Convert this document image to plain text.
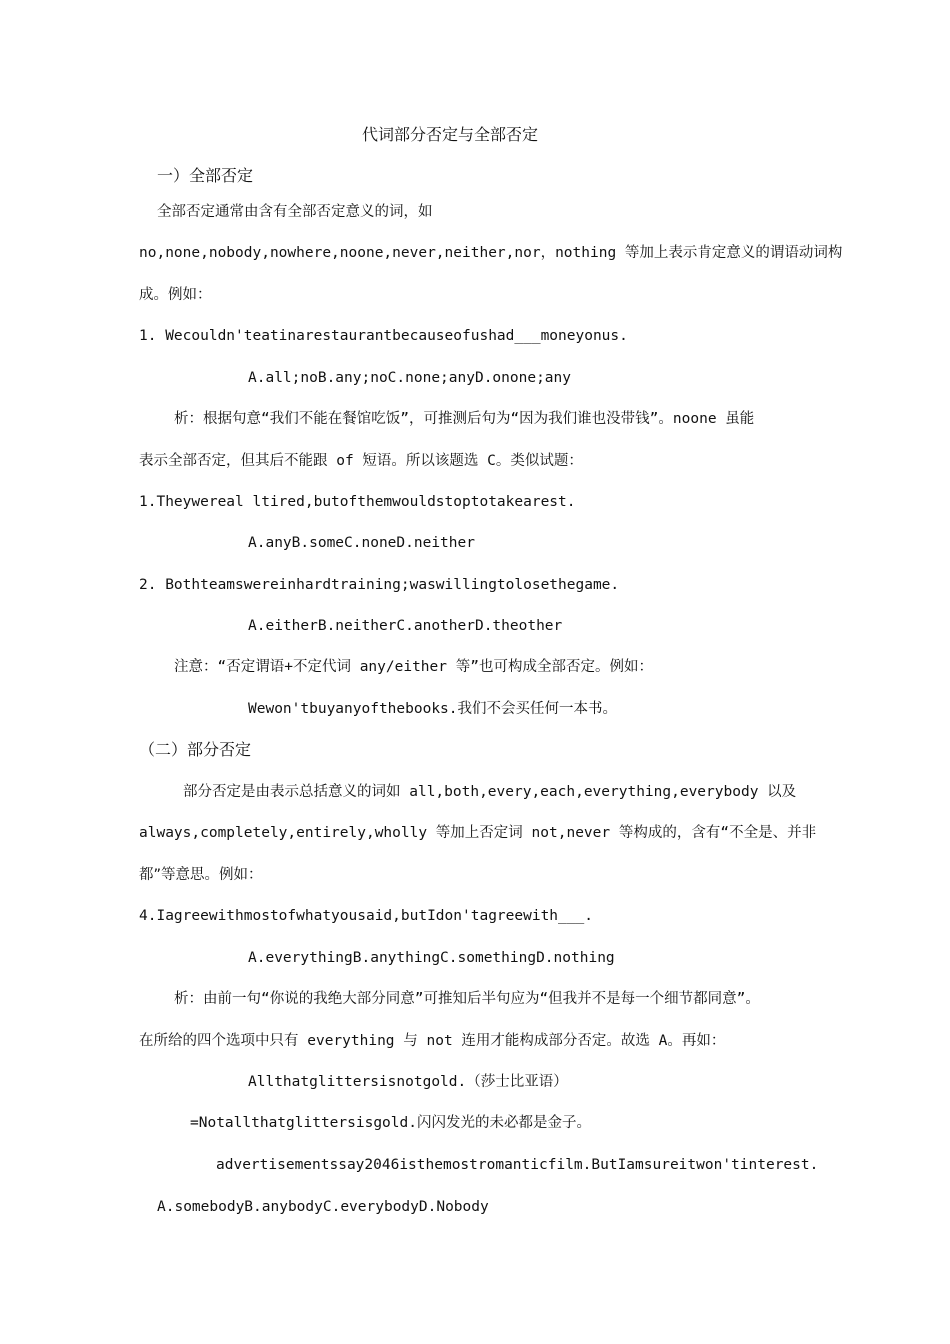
代词部分否定与全部否定
一）全部否定
全部否定通常由含有全部否定意义的词，如
no,none,nobody,nowhere,noone,never,neither,nor，nothing 等加上表示肯定意义的谓语动词构
成。例如：
1. Wecouldn'teatinarestaurantbecauseofushad___moneyonus.
A.all;noB.any;noC.none;anyD.onone;any
析：根据句意“我们不能在餐馆吃饭”，可推测后句为“因为我们谁也没带钱”。noone 虽能
表示全部否定，但其后不能跟 of 短语。所以该题选 C。类似试题：
1.Theywereal ltired,butofthemwouldstoptotakearest.
A.anyB.someC.noneD.neither
2. Bothteamswereinhardtraining;waswillingtolosethegame.
A.eitherB.neitherC.anotherD.theother
注意：“否定谓语+不定代词 any/either 等”也可构成全部否定。例如：
Wewon'tbuyanyofthebooks.我们不会买任何一本书。
（二）部分否定
部分否定是由表示总括意义的词如 all,both,every,each,everything,everybody 以及
always,completely,entirely,wholly 等加上否定词 not,never 等构成的，含有“不全是、并非
都”等意思。例如：
4.Iagreewithmostofwhatyousaid,butIdon'tagreewith___.
A.everythingB.anythingC.somethingD.nothing
析：由前一句“你说的我绝大部分同意”可推知后半句应为“但我并不是每一个细节都同意”。
在所给的四个选项中只有 everything 与 not 连用才能构成部分否定。故选 A。再如：
Allthatglittersisnotgold.（莎士比亚语）
=Notallthatglittersisgold.闪闪发光的未必都是金子。
advertisementssay2046isthemostromanticfilm.ButIamsureitwon'tinterest.
A.somebodyB.anybodyC.everybodyD.Nobody
